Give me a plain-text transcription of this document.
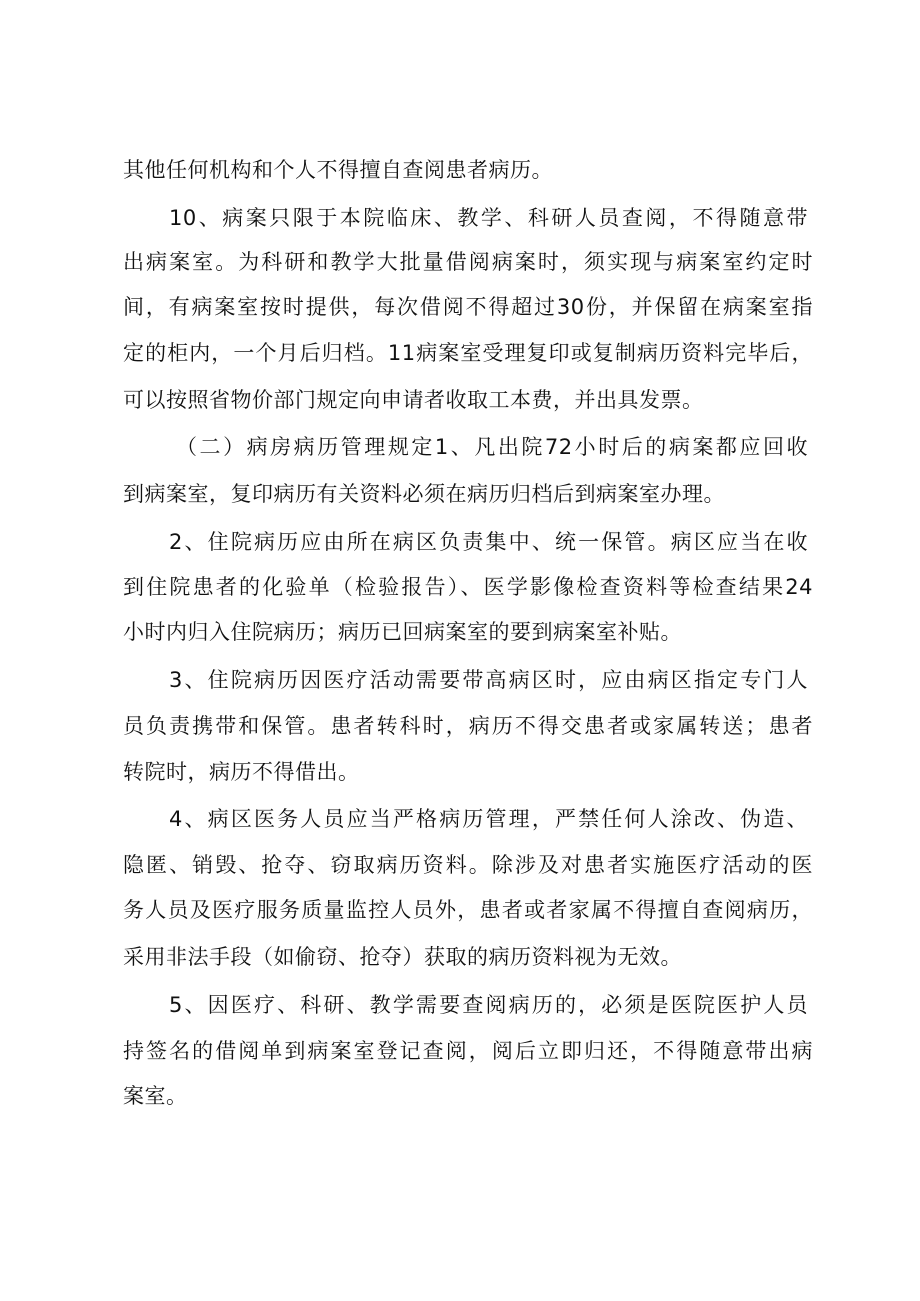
其他任何机构和个人不得擅自查阅患者病历。
10、病案只限于本院临床、教学、科研人员查阅，不得随意带
出病案室。为科研和教学大批量借阅病案时，须实现与病案室约定时
间，有病案室按时提供，每次借阅不得超过30份，并保留在病案室指
定的柜内，一个月后归档。11病案室受理复印或复制病历资料完毕后，
可以按照省物价部门规定向申请者收取工本费，并出具发票。
（二）病房病历管理规定1、凡出院72小时后的病案都应回收
到病案室，复印病历有关资料必须在病历归档后到病案室办理。
2、住院病历应由所在病区负责集中、统一保管。病区应当在收
到住院患者的化验单（检验报告）、医学影像检查资料等检查结果24
小时内归入住院病历；病历已回病案室的要到病案室补贴。
3、住院病历因医疗活动需要带高病区时，应由病区指定专门人
员负责携带和保管。患者转科时，病历不得交患者或家属转送；患者
转院时，病历不得借出。
4、病区医务人员应当严格病历管理，严禁任何人涂改、伪造、
隐匿、销毁、抢夺、窃取病历资料。除涉及对患者实施医疗活动的医
务人员及医疗服务质量监控人员外，患者或者家属不得擅自查阅病历，
采用非法手段（如偷窃、抢夺）获取的病历资料视为无效。
5、因医疗、科研、教学需要查阅病历的，必须是医院医护人员
持签名的借阅单到病案室登记查阅，阅后立即归还，不得随意带出病
案室。
